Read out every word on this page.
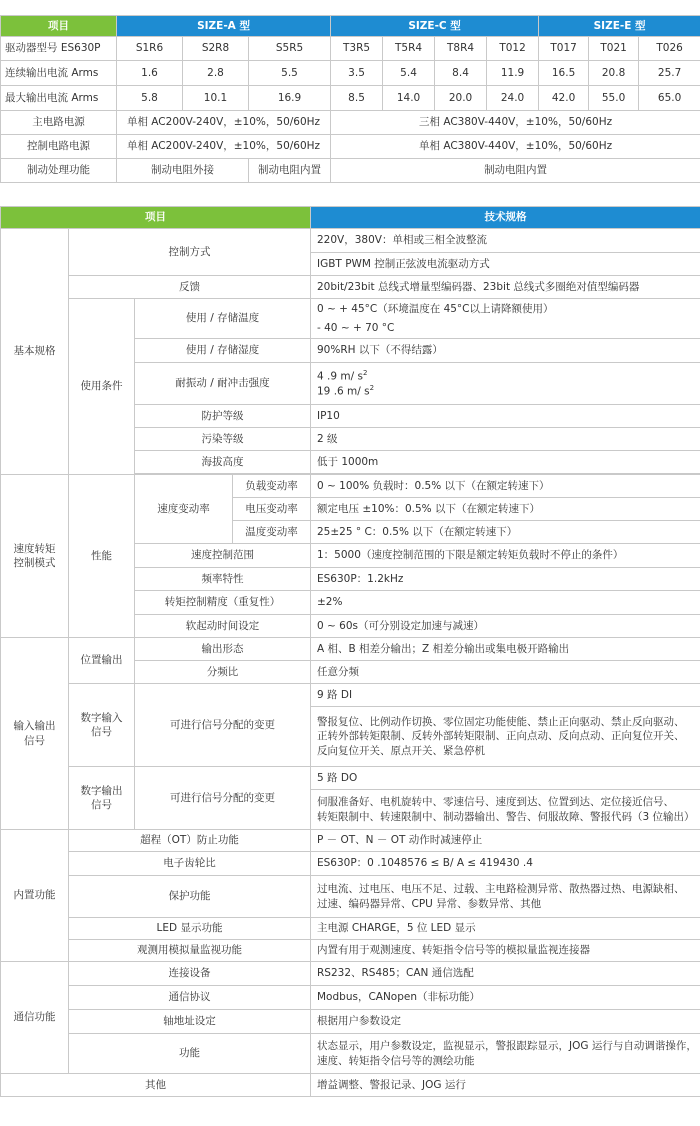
项目	SIZE-A 型			SIZE-C 型				SIZE-E 型		
驱动器型号 ES630P	S1R6	S2R8	S5R5	T3R5	T5R4	T8R4	T012	T017	T021	T026
连续输出电流 Arms	1.6	2.8	5.5	3.5	5.4	8.4	11.9	16.5	20.8	25.7
最大输出电流 Arms	5.8	10.1	16.9	8.5	14.0	20.0	24.0	42.0	55.0	65.0
主电路电源	单相 AC200V-240V，±10%，50/60Hz			三相 AC380V-440V，±10%，50/60Hz						
控制电路电源	单相 AC200V-240V，±10%，50/60Hz			单相 AC380V-440V，±10%，50/60Hz						
制动处理功能	制动电阻外接		制动电阻内置	制动电阻内置						
项目				技术规格
基本规格	控制方式			220V，380V：单相或三相全波整流
				IGBT PWM 控制正弦波电流驱动方式
	反馈			20bit/23bit 总线式增量型编码器、23bit 总线式多圈绝对值型编码器
	使用条件	使用 / 存储温度		0 ~ + 45°C（环境温度在 45°C以上请降额使用）
				- 40 ~ + 70 °C
		使用 / 存储湿度		90%RH 以下（不得结露）
		耐振动 / 耐冲击强度		4 .9 m/ $s^2$
19 .6 m/ $s^2$

		防护等级		IP10
		污染等级		2 级
		海拔高度		低于 1000m

速度转矩
控制模式	性能	速度变动率	负载变动率	0 ~ 100% 负载时：0.5% 以下（在额定转速下）
			电压变动率	额定电压 ±10%：0.5% 以下（在额定转速下）
			温度变动率	25±25 ° C：0.5% 以下（在额定转速下）
		速度控制范围		1：5000（速度控制范围的下限是额定转矩负载时不停止的条件）
		频率特性		ES630P：1.2kHz
		转矩控制精度（重复性）		±2%
		软起动时间设定		0 ~ 60s（可分别设定加速与减速）

输入输出
信号	位置输出	输出形态		A 相、B 相差分输出；Z 相差分输出或集电极开路输出
		分频比		任意分频

	数字输入
信号	可进行信号分配的变更		9 路 DI

				警报复位、比例动作切换、零位固定功能使能、禁止正向驱动、禁止反向驱动、
正转外部转矩限制、反转外部转矩限制、正向点动、反向点动、正向复位开关、
反向复位开关、原点开关、紧急停机

	数字输出
信号	可进行信号分配的变更		5 路 DO

				伺服准备好、电机旋转中、零速信号、速度到达、位置到达、定位接近信号、
转矩限制中、转速限制中、制动器输出、警告、伺服故障、警报代码（3 位输出）

内置功能	超程（OT）防止功能			P － OT、N － OT 动作时减速停止
	电子齿轮比			ES630P：0 .1048576 ≤ B/ A ≤ 419430 .4
	保护功能			过电流、过电压、电压不足、过载、主电路检测异常、散热器过热、电源缺相、
过速、编码器异常、CPU 异常、参数异常、其他

	LED 显示功能			主电源 CHARGE，5 位 LED 显示
	观测用模拟量监视功能			内置有用于观测速度、转矩指令信号等的模拟量监视连接器
通信功能	连接设备			RS232、RS485；CAN 通信选配
	通信协议			Modbus，CANopen（非标功能）
	轴地址设定			根据用户参数设定
	功能			状态显示，用户参数设定，监视显示，警报跟踪显示，JOG 运行与自动调谐操作，
速度、转矩指令信号等的测绘功能

其他				增益调整、警报记录、JOG 运行
